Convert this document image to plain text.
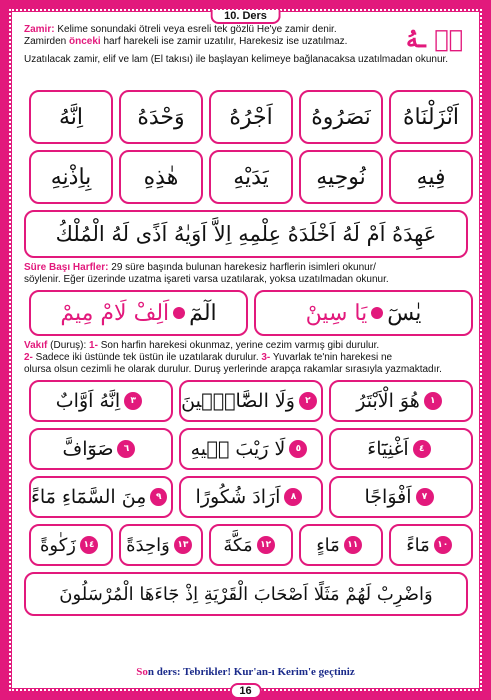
10. Ders
هٖ ـهُ
Zamir: Kelime sonundaki ötreli veya esreli tek gözlü He'ye zamir denir.
Zamirden önceki harf harekeli ise zamir uzatılır, Harekesiz ise uzatılmaz.
Uzatılacak zamir, elif ve lam (El takısı) ile başlayan kelimeye bağlanacaksa uzatılmadan okunur.
اَنْزَلْنَاهُ
نَصَرُوهُ
اَجْرُهُ
وَحْدَهُ
اِنَّهُ
فِيهِ
نُوحِيهِ
يَدَيْهِ
هٰذِهِ
بِاِذْنِهِ
عَهِدَهُ اَمْ لَهُ اَخْلَدَهُ عِلْمِهِ اِلاَّ اَوَيٰهُ اَذًى لَهُ الْمُلْكُ
Süre Başı Harfler: 29 süre başında bulunan harekesiz harflerin isimleri okunur/
söylenir. Eğer üzerinde uzatma işareti varsa uzatılarak, yoksa uzatılmadan okunur.
يٰسٓ
يَا سِينْ
الٓمٓ
اَلِفْ لَامْ مِيمْ
Vakıf (Duruş): 1- Son harfin harekesi okunmaz, yerine cezim varmış gibi durulur.
2- Sadece iki üstünde tek üstün ile uzatılarak durulur. 3- Yuvarlak te'nin harekesi ne
olursa olsun cezimli he olarak durulur. Duruş yerlerinde arapça rakamlar sırasıyla yazmaktadır.
١
هُوَ الْاَبْتَرُ
٢
وَلَا الضَّٓالّ۪ينَ
٣
اِنَّهُ اَوَّابٌ
٤
اَغْنِيَٓاءَ
٥
لَا رَيْبَ ف۪يهِ
٦
صَوَٓافَّ
٧
اَفْوَاجًا
٨
اَرَادَ شُكُورًا
٩
مِنَ السَّمَٓاءِ مَٓاءً
١٠
مَٓاءً
١١
مَٓاءٍ
١٢
مَكَّةَ
١٣
وَاحِدَةً
١٤
زَكٰوةً
وَاضْرِبْ لَهُمْ مَثَلًا اَصْحَابَ الْقَرْيَةِ اِذْ جَٓاءَهَا الْمُرْسَلُونَ
Son ders: Tebrikler! Kur'an-ı Kerim'e geçtiniz
16
